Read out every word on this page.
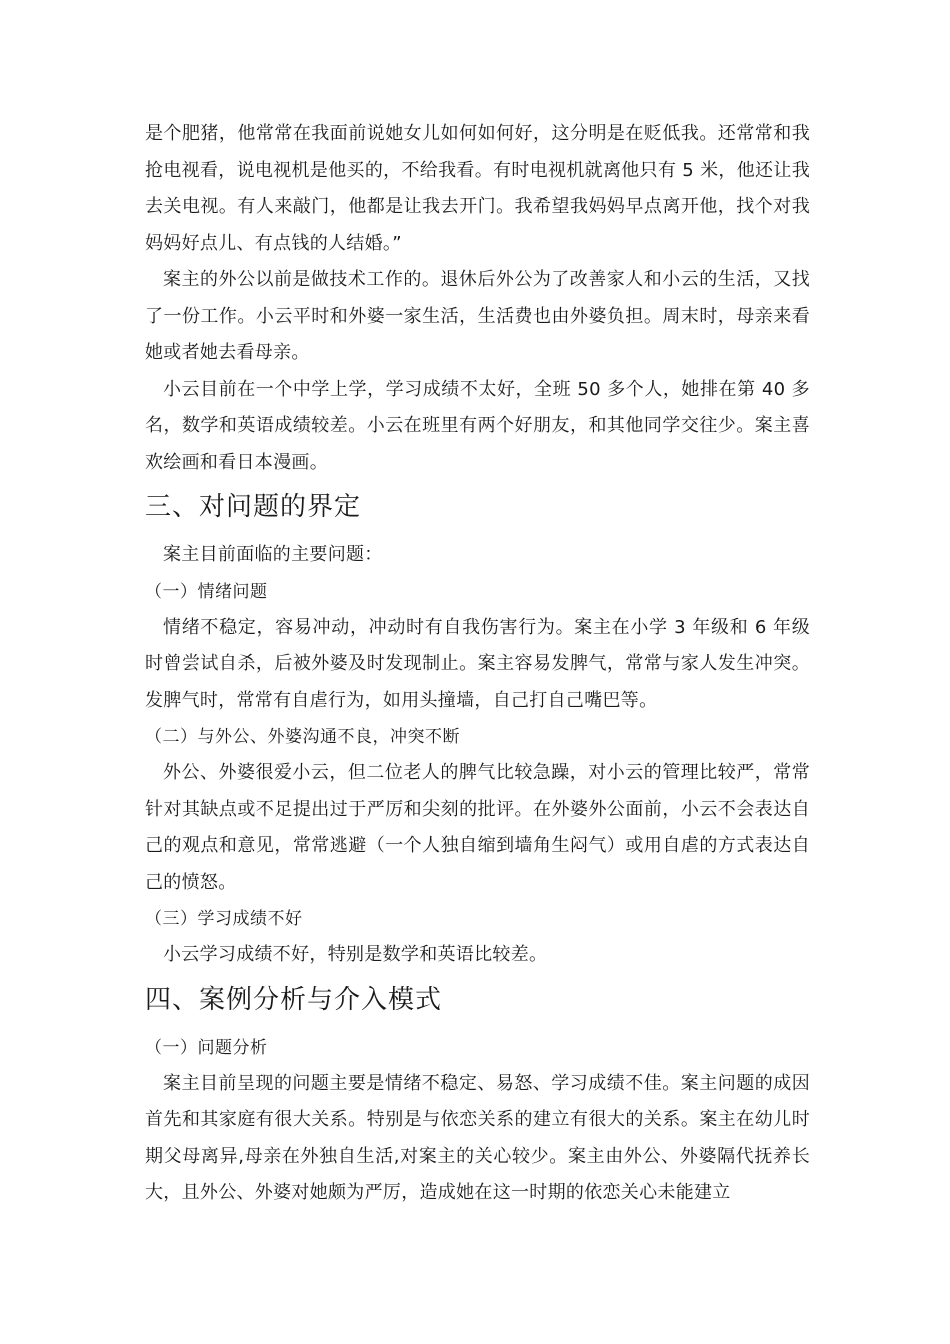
是个肥猪，他常常在我面前说她女儿如何如何好，这分明是在贬低我。还常常和我抢电视看，说电视机是他买的，不给我看。有时电视机就离他只有 5 米，他还让我去关电视。有人来敲门，他都是让我去开门。我希望我妈妈早点离开他，找个对我妈妈好点儿、有点钱的人结婚。”

案主的外公以前是做技术工作的。退休后外公为了改善家人和小云的生活，又找了一份工作。小云平时和外婆一家生活，生活费也由外婆负担。周末时，母亲来看她或者她去看母亲。

小云目前在一个中学上学，学习成绩不太好，全班 50 多个人，她排在第 40 多名，数学和英语成绩较差。小云在班里有两个好朋友，和其他同学交往少。案主喜欢绘画和看日本漫画。

三、对问题的界定

案主目前面临的主要问题：

（一）情绪问题

情绪不稳定，容易冲动，冲动时有自我伤害行为。案主在小学 3 年级和 6 年级时曾尝试自杀，后被外婆及时发现制止。案主容易发脾气，常常与家人发生冲突。发脾气时，常常有自虐行为，如用头撞墙，自己打自己嘴巴等。

（二）与外公、外婆沟通不良，冲突不断

外公、外婆很爱小云，但二位老人的脾气比较急躁，对小云的管理比较严，常常针对其缺点或不足提出过于严厉和尖刻的批评。在外婆外公面前，小云不会表达自己的观点和意见，常常逃避（一个人独自缩到墙角生闷气）或用自虐的方式表达自己的愤怒。

（三）学习成绩不好

小云学习成绩不好，特别是数学和英语比较差。

四、案例分析与介入模式

（一）问题分析

案主目前呈现的问题主要是情绪不稳定、易怒、学习成绩不佳。案主问题的成因首先和其家庭有很大关系。特别是与依恋关系的建立有很大的关系。案主在幼儿时期父母离异,母亲在外独自生活,对案主的关心较少。案主由外公、外婆隔代抚养长大，且外公、外婆对她颇为严厉，造成她在这一时期的依恋关心未能建立
